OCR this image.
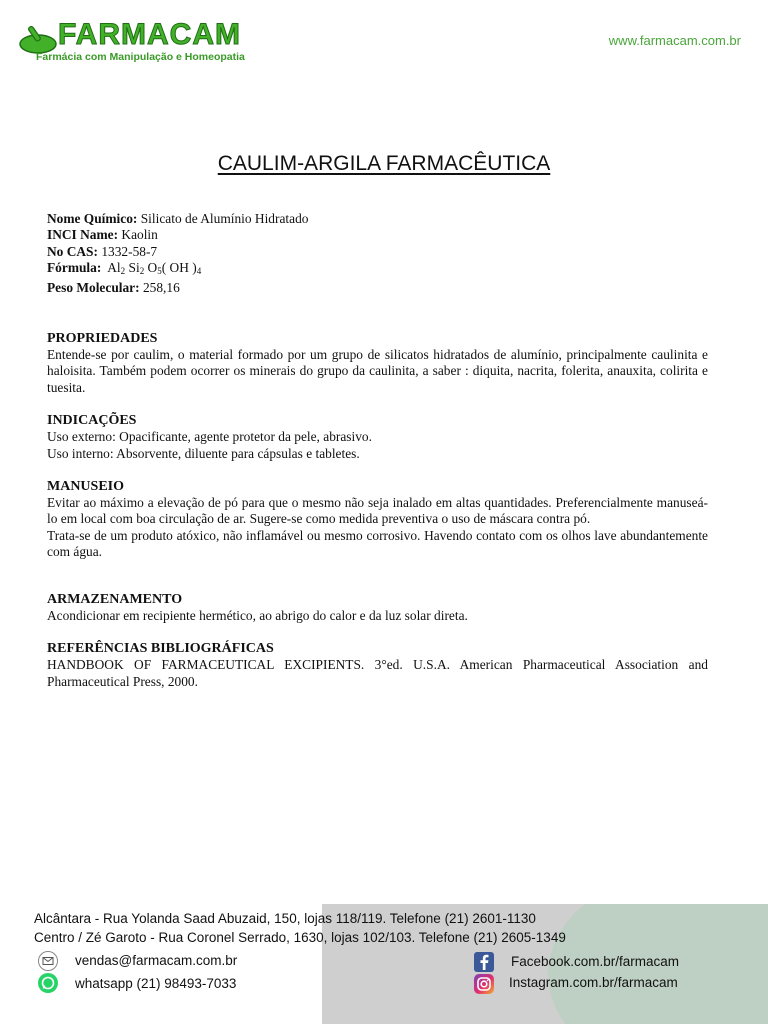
FARMACAM
Farmácia com Manipulação e Homeopatia
www.farmacam.com.br
CAULIM-ARGILA FARMACÊUTICA
Nome Químico: Silicato de Alumínio Hidratado
INCI Name: Kaolin
No CAS: 1332-58-7
Fórmula: $Al_2$ $Si_2$ $O_5$( OH )$_4$
Peso Molecular: 258,16
PROPRIEDADES

Entende-se por caulim, o material formado por um grupo de silicatos hidratados de alumínio, principalmente caulinita e haloisita. Também podem ocorrer os minerais do grupo da caulinita, a saber : diquita, nacrita, folerita, anauxita, colirita e tuesita.

INDICAÇÕES

Uso externo: Opacificante, agente protetor da pele, abrasivo.

Uso interno: Absorvente, diluente para cápsulas e tabletes.

MANUSEIO

Evitar ao máximo a elevação de pó para que o mesmo não seja inalado em altas quantidades. Preferencialmente manuseá-lo em local com boa circulação de ar. Sugere-se como medida preventiva o uso de máscara contra pó.

Trata-se de um produto atóxico, não inflamável ou mesmo corrosivo. Havendo contato com os olhos lave abundantemente com água.

ARMAZENAMENTO

Acondicionar em recipiente hermético, ao abrigo do calor e da luz solar direta.

REFERÊNCIAS BIBLIOGRÁFICAS

HANDBOOK OF FARMACEUTICAL EXCIPIENTS. 3°ed. U.S.A. American Pharmaceutical Association and Pharmaceutical Press, 2000.

Alcântara - Rua Yolanda Saad Abuzaid, 150, lojas 118/119. Telefone (21) 2601-1130
Centro / Zé Garoto - Rua Coronel Serrado, 1630, lojas 102/103. Telefone (21) 2605-1349
vendas@farmacam.com.br
whatsapp (21) 98493-7033
Facebook.com.br/farmacam
Instagram.com.br/farmacam
